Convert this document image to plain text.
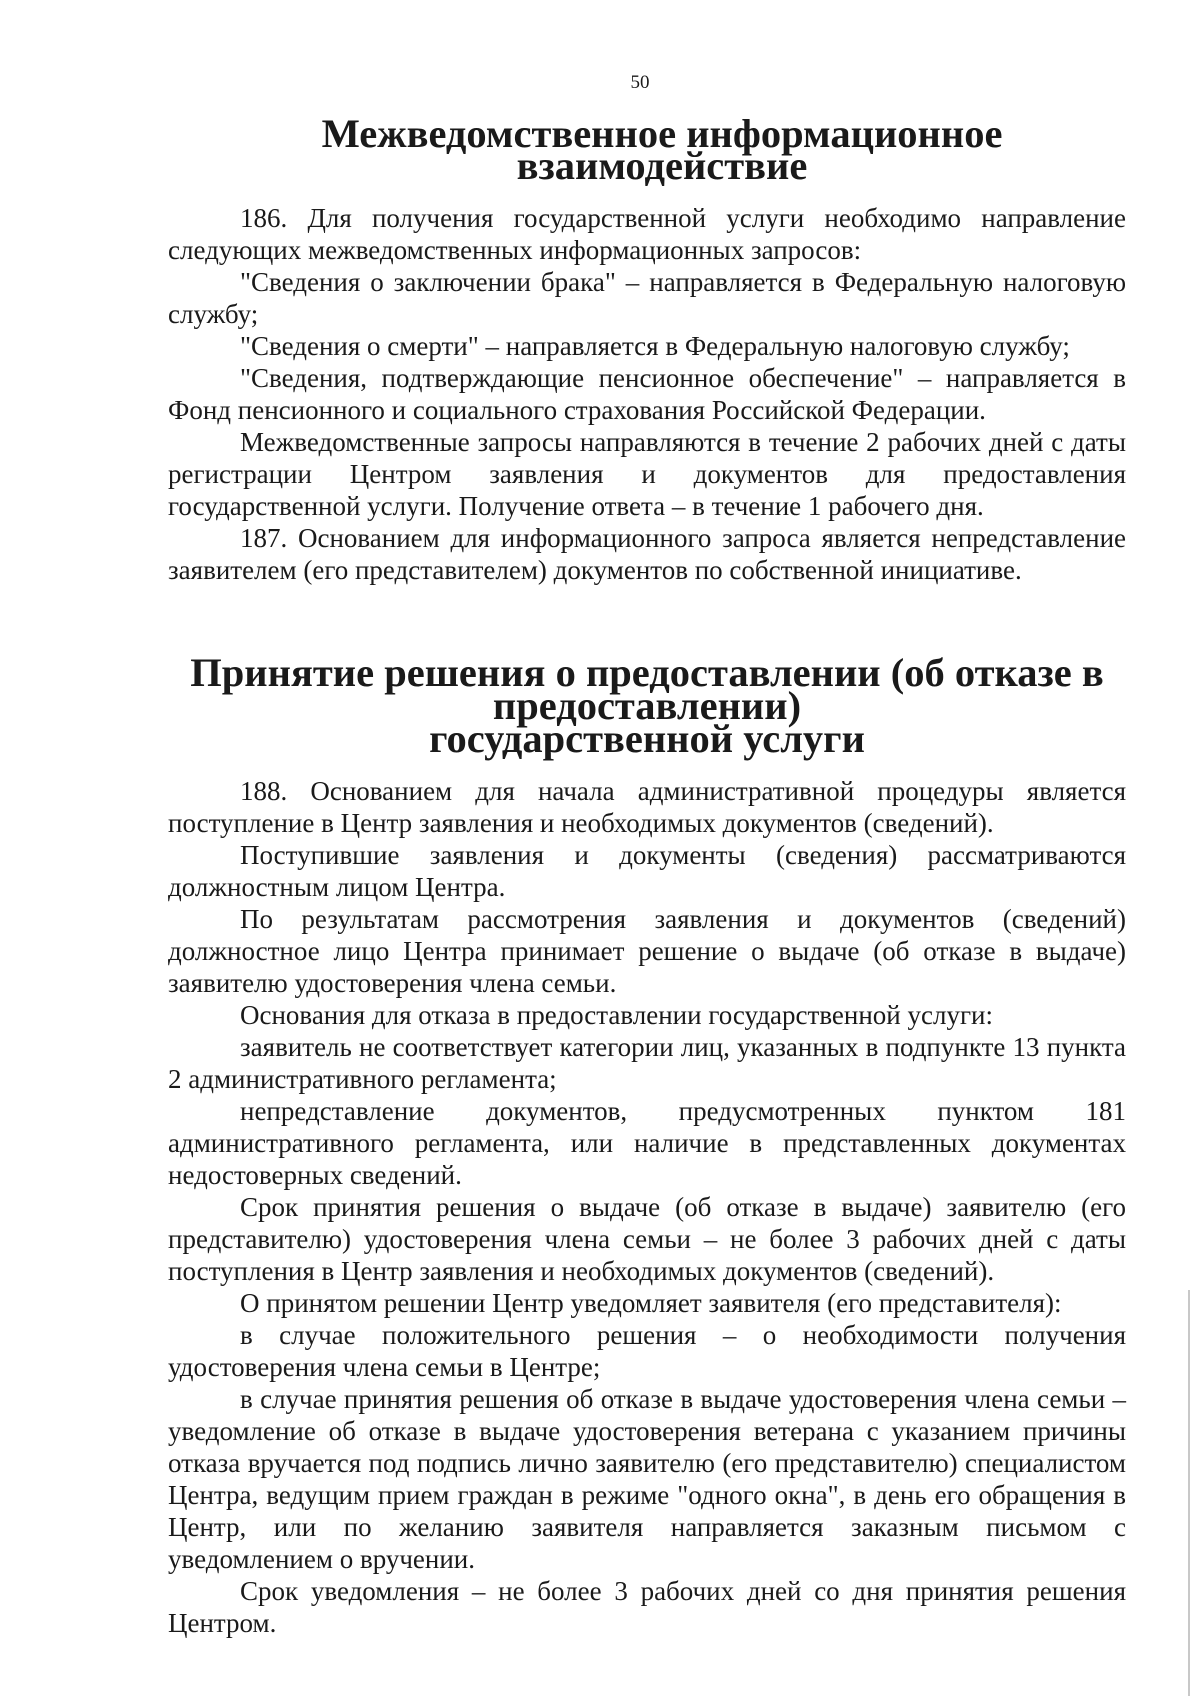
50
Межведомственное информационное взаимодействие

186. Для получения государственной услуги необходимо направление следующих межведомственных информационных запросов:

"Сведения о заключении брака" – направляется в Федеральную налоговую службу;

"Сведения о смерти" – направляется в Федеральную налоговую службу;

"Сведения, подтверждающие пенсионное обеспечение" – направляется в Фонд пенсионного и социального страхования Российской Федерации.

Межведомственные запросы направляются в течение 2 рабочих дней с даты регистрации Центром заявления и документов для предоставления государственной услуги. Получение ответа – в течение 1 рабочего дня.

187. Основанием для информационного запроса является непредставление заявителем (его представителем) документов по собственной инициативе.

Принятие решения о предоставлении (об отказе в предоставлении)
государственной услуги

188. Основанием для начала административной процедуры является поступление в Центр заявления и необходимых документов (сведений).

Поступившие заявления и документы (сведения) рассматриваются должностным лицом Центра.

По результатам рассмотрения заявления и документов (сведений) должностное лицо Центра принимает решение о выдаче (об отказе в выдаче) заявителю удостоверения члена семьи.

Основания для отказа в предоставлении государственной услуги:

заявитель не соответствует категории лиц, указанных в подпункте 13 пункта 2 административного регламента;

непредставление документов, предусмотренных пунктом 181 административного регламента, или наличие в представленных документах недостоверных сведений.

Срок принятия решения о выдаче (об отказе в выдаче) заявителю (его представителю) удостоверения члена семьи – не более 3 рабочих дней с даты поступления в Центр заявления и необходимых документов (сведений).

О принятом решении Центр уведомляет заявителя (его представителя):

в случае положительного решения – о необходимости получения удостоверения члена семьи в Центре;

в случае принятия решения об отказе в выдаче удостоверения члена семьи – уведомление об отказе в выдаче удостоверения ветерана с указанием причины отказа вручается под подпись лично заявителю (его представителю) специалистом Центра, ведущим прием граждан в режиме "одного окна", в день его обращения в Центр, или по желанию заявителя направляется заказным письмом с уведомлением о вручении.

Срок уведомления – не более 3 рабочих дней со дня принятия решения Центром.
